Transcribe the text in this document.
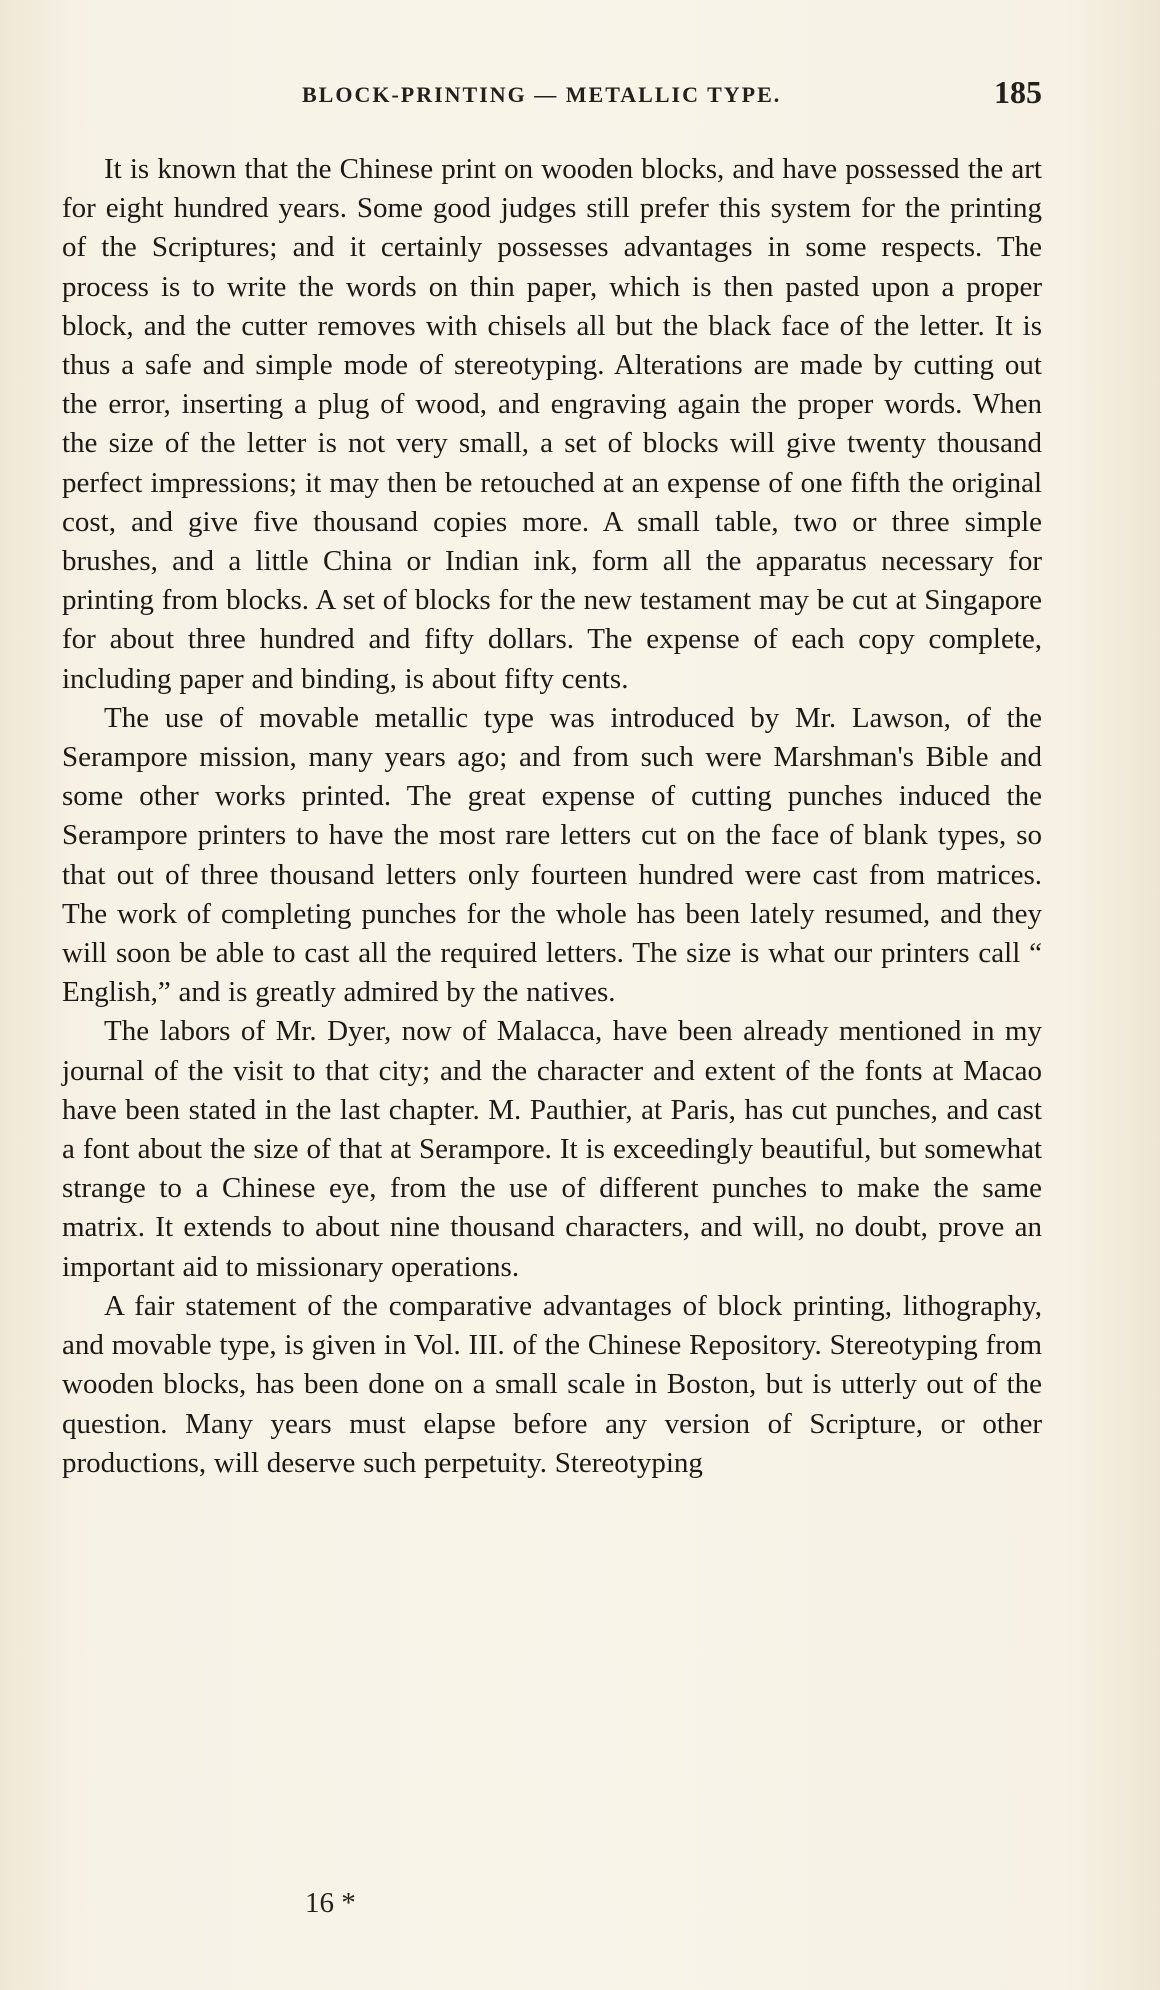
BLOCK-PRINTING — METALLIC TYPE.	185

It is known that the Chinese print on wooden blocks, and have possessed the art for eight hundred years. Some good judges still prefer this system for the printing of the Scriptures; and it certainly possesses advantages in some respects. The process is to write the words on thin paper, which is then pasted upon a proper block, and the cutter removes with chisels all but the black face of the letter. It is thus a safe and simple mode of stereotyping. Alterations are made by cutting out the error, inserting a plug of wood, and engraving again the proper words. When the size of the letter is not very small, a set of blocks will give twenty thousand perfect impressions; it may then be retouched at an expense of one fifth the original cost, and give five thousand copies more. A small table, two or three simple brushes, and a little China or Indian ink, form all the apparatus necessary for printing from blocks. A set of blocks for the new testament may be cut at Singapore for about three hundred and fifty dollars. The expense of each copy complete, including paper and binding, is about fifty cents.

The use of movable metallic type was introduced by Mr. Lawson, of the Serampore mission, many years ago; and from such were Marshman's Bible and some other works printed. The great expense of cutting punches induced the Serampore printers to have the most rare letters cut on the face of blank types, so that out of three thousand letters only fourteen hundred were cast from matrices. The work of completing punches for the whole has been lately resumed, and they will soon be able to cast all the required letters. The size is what our printers call “ English,” and is greatly admired by the natives.

The labors of Mr. Dyer, now of Malacca, have been already mentioned in my journal of the visit to that city; and the character and extent of the fonts at Macao have been stated in the last chapter. M. Pauthier, at Paris, has cut punches, and cast a font about the size of that at Serampore. It is exceedingly beautiful, but somewhat strange to a Chinese eye, from the use of different punches to make the same matrix. It extends to about nine thousand characters, and will, no doubt, prove an important aid to missionary operations.

A fair statement of the comparative advantages of block printing, lithography, and movable type, is given in Vol. III. of the Chinese Repository. Stereotyping from wooden blocks, has been done on a small scale in Boston, but is utterly out of the question. Many years must elapse before any version of Scripture, or other productions, will deserve such perpetuity. Stereotyping

16 *
